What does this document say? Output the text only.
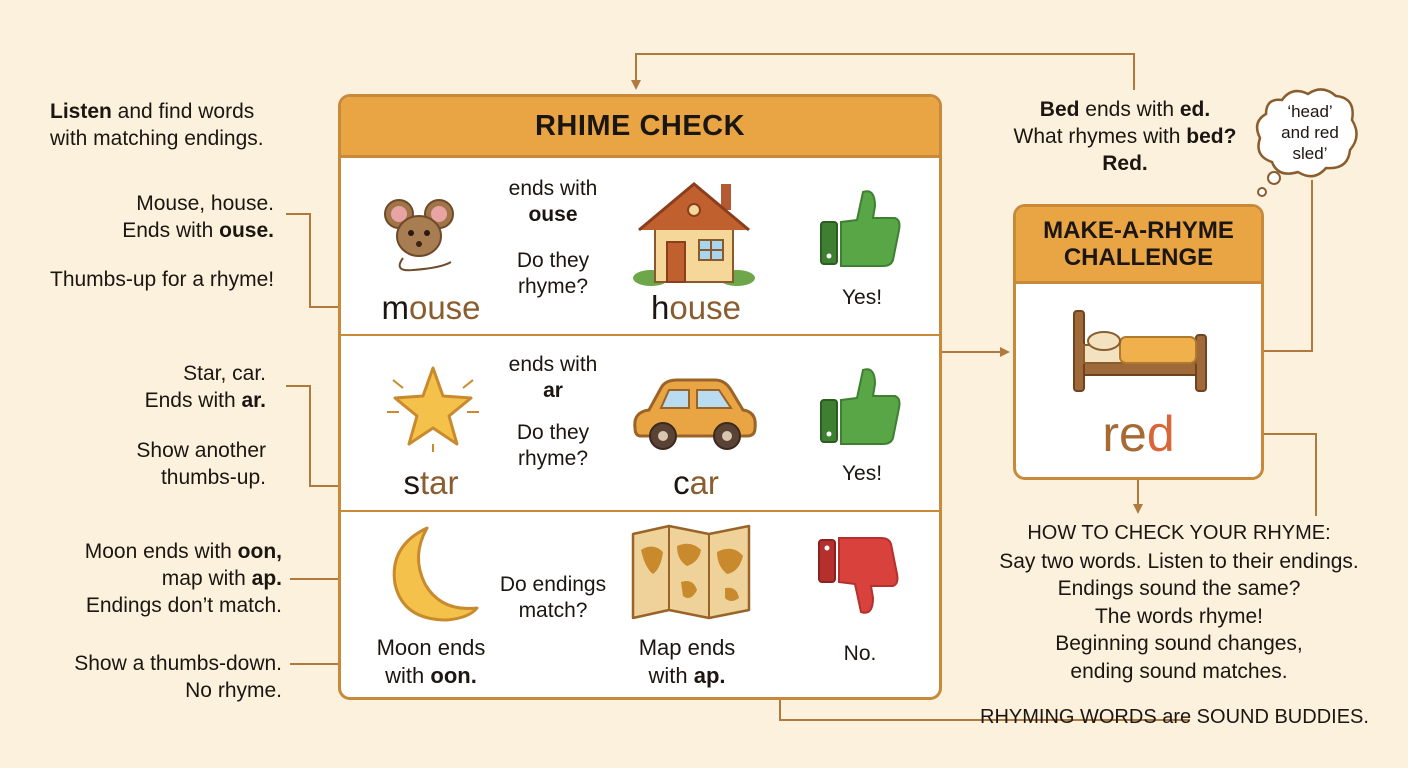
Listen and find words
with matching endings.
Mouse, house.
Ends with ouse.
Thumbs-up for a rhyme!
Star, car.
Ends with ar.
Show another
thumbs-up.
Moon ends with oon,
map with ap.
Endings don’t match.
Show a thumbs-down.
No rhyme.
RHIME CHECK
mouse
ends with
ouse
Do they
rhyme?
house	Yes!
star
ends with
ar
Do they
rhyme?
car	Yes!
Moon ends
with oon.
Do endings
match?
Map ends
with ap.
No.
Bed ends with ed.
What rhymes with bed?
Red.
‘head’
and red
sled’
MAKE-A-RHYME
CHALLENGE
red
HOW TO CHECK YOUR RHYME:
Say two words. Listen to their endings.
Endings sound the same?
The words rhyme!
Beginning sound changes,
ending sound matches.
RHYMING WORDS are SOUND BUDDIES.
